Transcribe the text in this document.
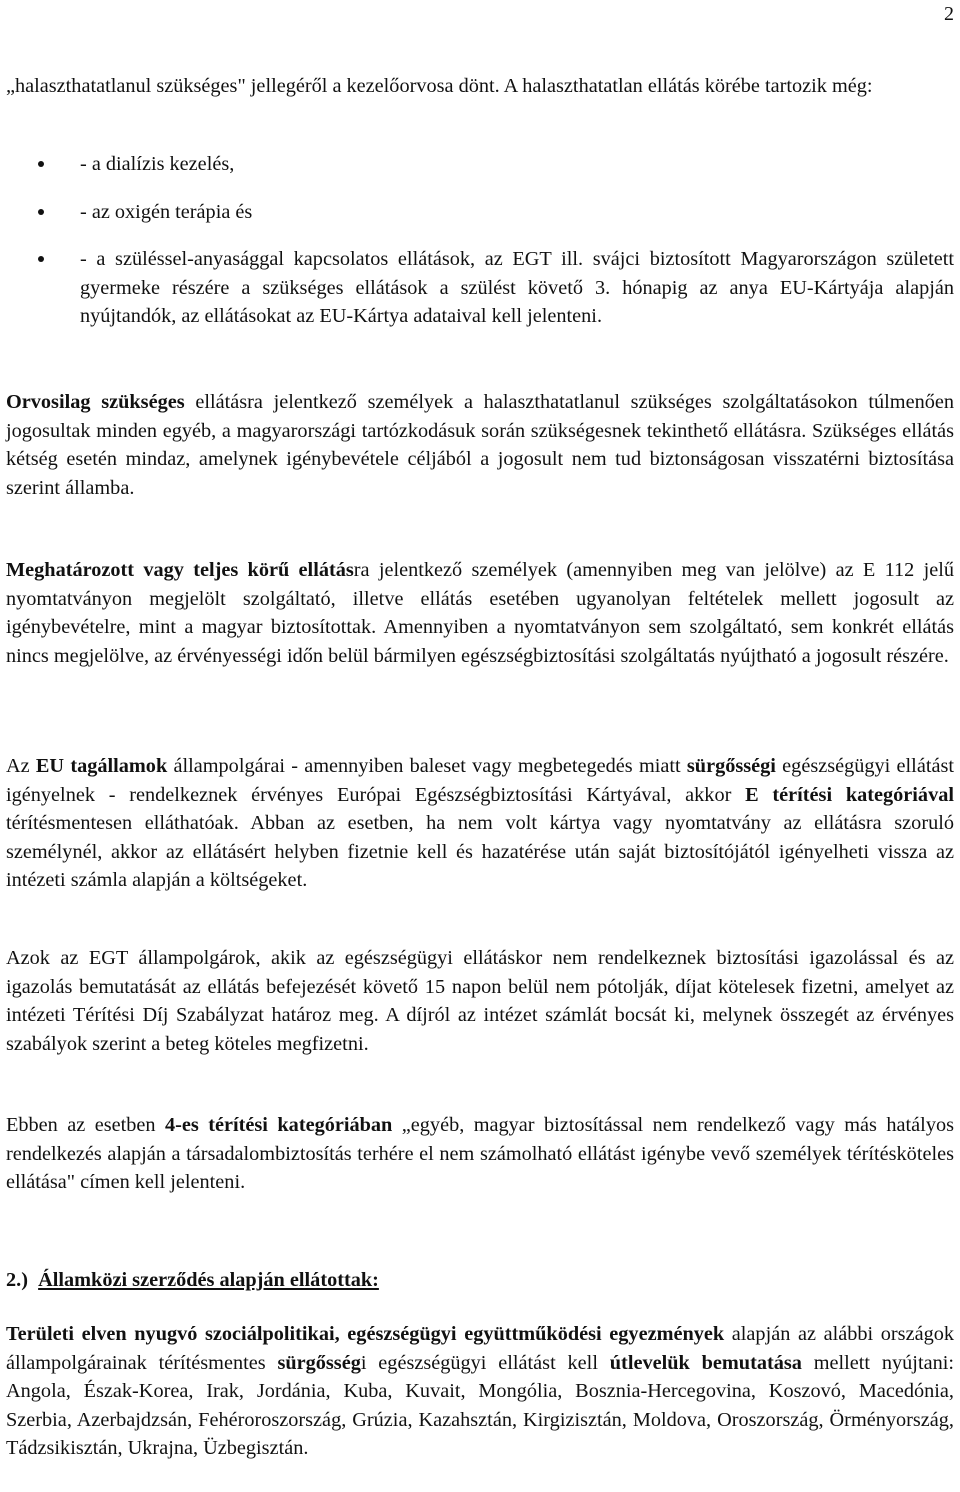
2

„halaszthatatlanul szükséges" jellegéről a kezelőorvosa dönt. A halaszthatatlan ellátás körébe tartozik még:

- a dialízis kezelés,
- az oxigén terápia és
- a szüléssel-anyasággal kapcsolatos ellátások, az EGT ill. svájci biztosított Magyarországon született gyermeke részére a szükséges ellátások a szülést követő 3. hónapig az anya EU-Kártyája alapján nyújtandók, az ellátásokat az EU-Kártya adataival kell jelenteni.

Orvosilag szükséges ellátásra jelentkező személyek a halaszthatatlanul szükséges szolgáltatásokon túlmenően jogosultak minden egyéb, a magyarországi tartózkodásuk során szükségesnek tekinthető ellátásra. Szükséges ellátás kétség esetén mindaz, amelynek igénybevétele céljából a jogosult nem tud biztonságosan visszatérni biztosítása szerint államba.

Meghatározott vagy teljes körű ellátásra jelentkező személyek (amennyiben meg van jelölve) az E 112 jelű nyomtatványon megjelölt szolgáltató, illetve ellátás esetében ugyanolyan feltételek mellett jogosult az igénybevételre, mint a magyar biztosítottak. Amennyiben a nyomtatványon sem szolgáltató, sem konkrét ellátás nincs megjelölve, az érvényességi időn belül bármilyen egészségbiztosítási szolgáltatás nyújtható a jogosult részére.

Az EU tagállamok állampolgárai - amennyiben baleset vagy megbetegedés miatt sürgősségi egészségügyi ellátást igényelnek - rendelkeznek érvényes Európai Egészségbiztosítási Kártyával, akkor E térítési kategóriával térítésmentesen elláthatóak. Abban az esetben, ha nem volt kártya vagy nyomtatvány az ellátásra szoruló személynél, akkor az ellátásért helyben fizetnie kell és hazatérése után saját biztosítójától igényelheti vissza az intézeti számla alapján a költségeket.

Azok az EGT állampolgárok, akik az egészségügyi ellátáskor nem rendelkeznek biztosítási igazolással és az igazolás bemutatását az ellátás befejezését követő 15 napon belül nem pótolják, díjat kötelesek fizetni, amelyet az intézeti Térítési Díj Szabályzat határoz meg. A díjról az intézet számlát bocsát ki, melynek összegét az érvényes szabályok szerint a beteg köteles megfizetni.

Ebben az esetben 4-es térítési kategóriában „egyéb, magyar biztosítással nem rendelkező vagy más hatályos rendelkezés alapján a társadalombiztosítás terhére el nem számolható ellátást igénybe vevő személyek térítésköteles ellátása" címen kell jelenteni.

2.) Államközi szerződés alapján ellátottak:

Területi elven nyugvó szociálpolitikai, egészségügyi együttműködési egyezmények alapján az alábbi országok állampolgárainak térítésmentes sürgősségi egészségügyi ellátást kell útlevelük bemutatása mellett nyújtani: Angola, Észak-Korea, Irak, Jordánia, Kuba, Kuvait, Mongólia, Bosznia-Hercegovina, Koszovó, Macedónia, Szerbia, Azerbajdzsán, Fehéroroszország, Grúzia, Kazahsztán, Kirgizisztán, Moldova, Oroszország, Örményország, Tádzsikisztán, Ukrajna, Üzbegisztán.
